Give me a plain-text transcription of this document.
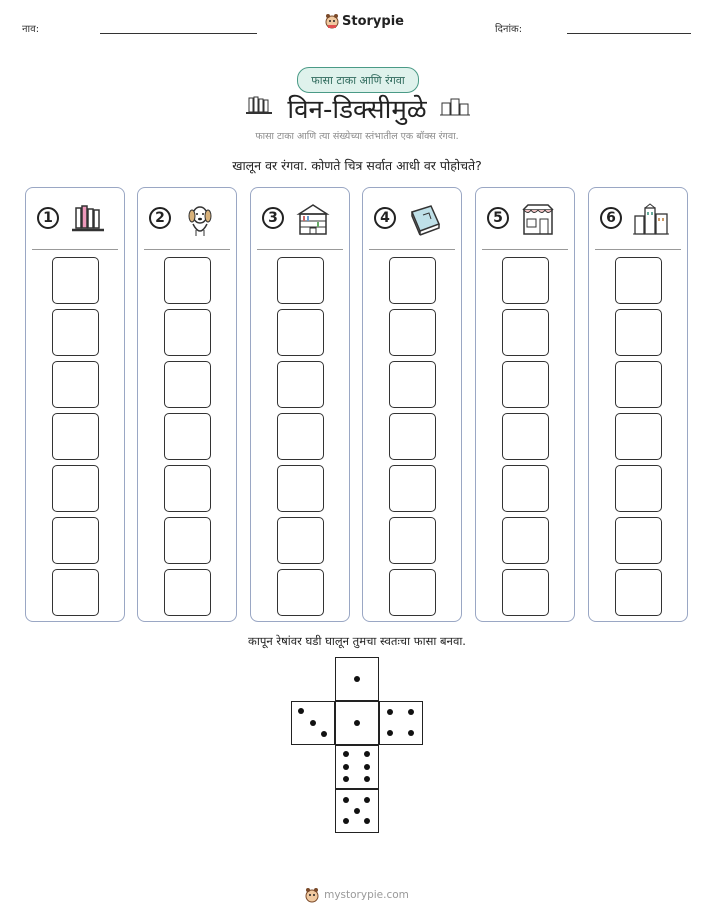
नाव:
Storypie
दिनांक:
फासा टाका आणि रंगवा
विन-डिक्सीमुळे
फासा टाका आणि त्या संख्येच्या स्तंभातील एक बॉक्स रंगवा.
खालून वर रंगवा. कोणते चित्र सर्वात आधी वर पोहोचते?
1	2	3	4	5	6
कापून रेषांवर घडी घालून तुमचा स्वतःचा फासा बनवा.
mystorypie.com
